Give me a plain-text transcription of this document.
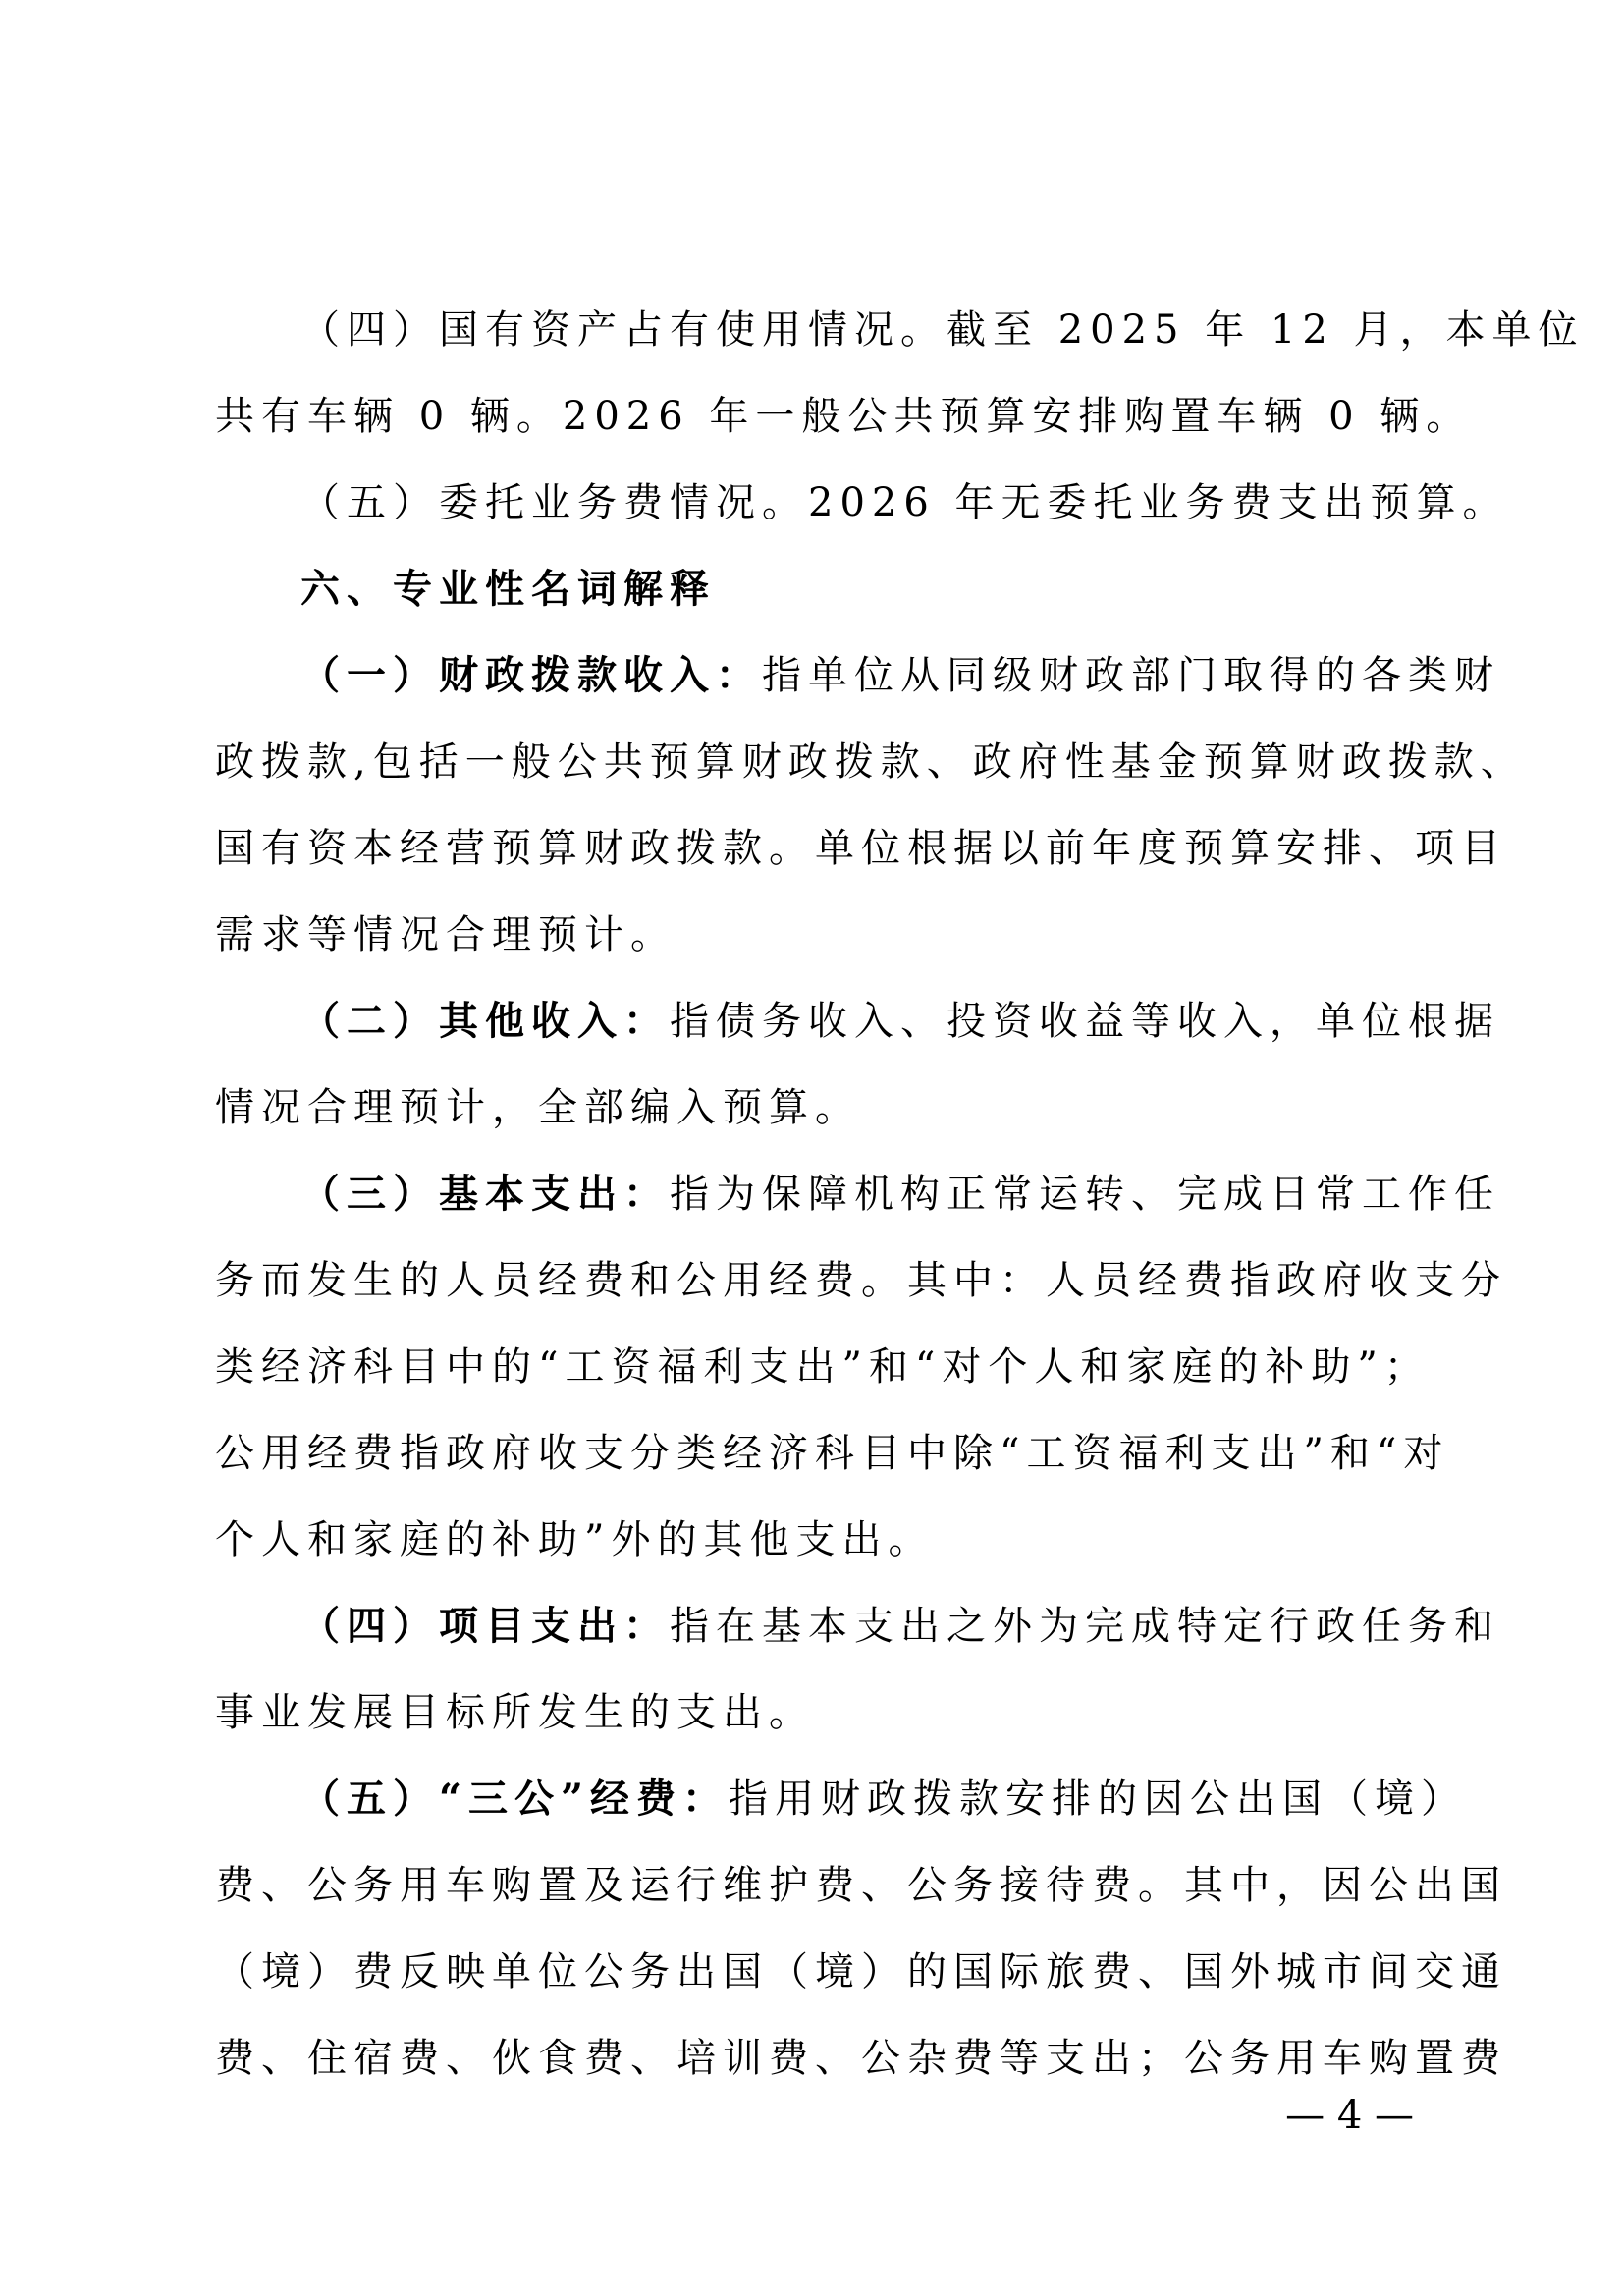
（四）国有资产占有使用情况。截至 2025 年 12 月，本单位
共有车辆 0 辆。2026 年一般公共预算安排购置车辆 0 辆。
（五）委托业务费情况。2026 年无委托业务费支出预算。
六、专业性名词解释
（一）财政拨款收入：指单位从同级财政部门取得的各类财
政拨款,包括一般公共预算财政拨款、政府性基金预算财政拨款、
国有资本经营预算财政拨款。单位根据以前年度预算安排、项目
需求等情况合理预计。
（二）其他收入：指债务收入、投资收益等收入，单位根据
情况合理预计，全部编入预算。
（三）基本支出：指为保障机构正常运转、完成日常工作任
务而发生的人员经费和公用经费。其中：人员经费指政府收支分
类经济科目中的“工资福利支出”和“对个人和家庭的补助”；
公用经费指政府收支分类经济科目中除“工资福利支出”和“对
个人和家庭的补助”外的其他支出。
（四）项目支出：指在基本支出之外为完成特定行政任务和
事业发展目标所发生的支出。
（五）“三公”经费：指用财政拨款安排的因公出国（境）
费、公务用车购置及运行维护费、公务接待费。其中，因公出国
（境）费反映单位公务出国（境）的国际旅费、国外城市间交通
费、住宿费、伙食费、培训费、公杂费等支出；公务用车购置费
— 4 —
